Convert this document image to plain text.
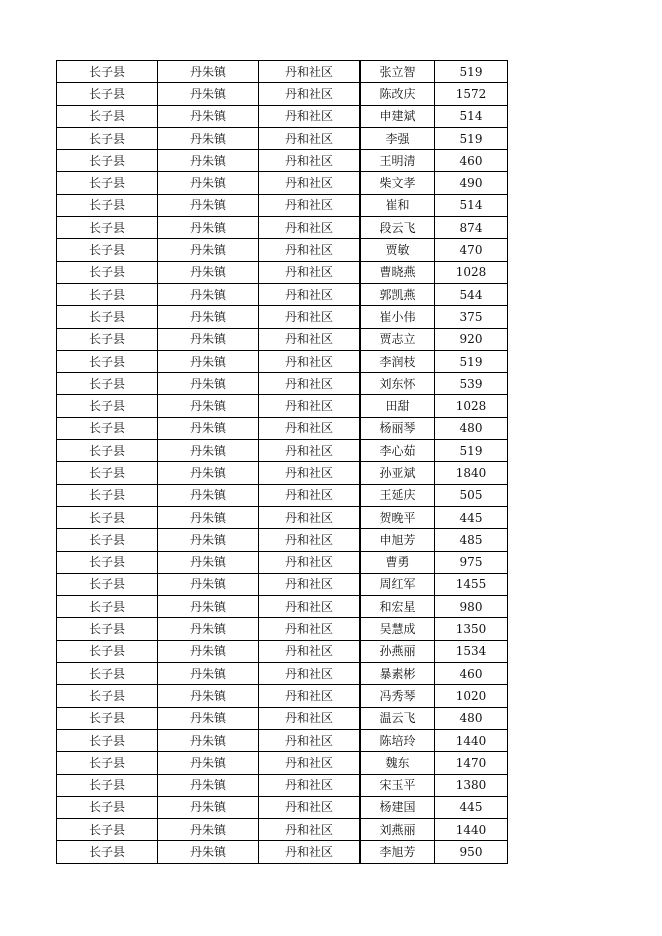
长子县	丹朱镇	丹和社区	张立智	519
长子县	丹朱镇	丹和社区	陈改庆	1572
长子县	丹朱镇	丹和社区	申建斌	514
长子县	丹朱镇	丹和社区	李强	519
长子县	丹朱镇	丹和社区	王明清	460
长子县	丹朱镇	丹和社区	柴文孝	490
长子县	丹朱镇	丹和社区	崔和	514
长子县	丹朱镇	丹和社区	段云飞	874
长子县	丹朱镇	丹和社区	贾敏	470
长子县	丹朱镇	丹和社区	曹晓燕	1028
长子县	丹朱镇	丹和社区	郭凯燕	544
长子县	丹朱镇	丹和社区	崔小伟	375
长子县	丹朱镇	丹和社区	贾志立	920
长子县	丹朱镇	丹和社区	李润枝	519
长子县	丹朱镇	丹和社区	刘东怀	539
长子县	丹朱镇	丹和社区	田甜	1028
长子县	丹朱镇	丹和社区	杨丽琴	480
长子县	丹朱镇	丹和社区	李心茹	519
长子县	丹朱镇	丹和社区	孙亚斌	1840
长子县	丹朱镇	丹和社区	王延庆	505
长子县	丹朱镇	丹和社区	贺晚平	445
长子县	丹朱镇	丹和社区	申旭芳	485
长子县	丹朱镇	丹和社区	曹勇	975
长子县	丹朱镇	丹和社区	周红军	1455
长子县	丹朱镇	丹和社区	和宏星	980
长子县	丹朱镇	丹和社区	吴慧成	1350
长子县	丹朱镇	丹和社区	孙燕丽	1534
长子县	丹朱镇	丹和社区	暴素彬	460
长子县	丹朱镇	丹和社区	冯秀琴	1020
长子县	丹朱镇	丹和社区	温云飞	480
长子县	丹朱镇	丹和社区	陈培玲	1440
长子县	丹朱镇	丹和社区	魏东	1470
长子县	丹朱镇	丹和社区	宋玉平	1380
长子县	丹朱镇	丹和社区	杨建国	445
长子县	丹朱镇	丹和社区	刘燕丽	1440
长子县	丹朱镇	丹和社区	李旭芳	950
